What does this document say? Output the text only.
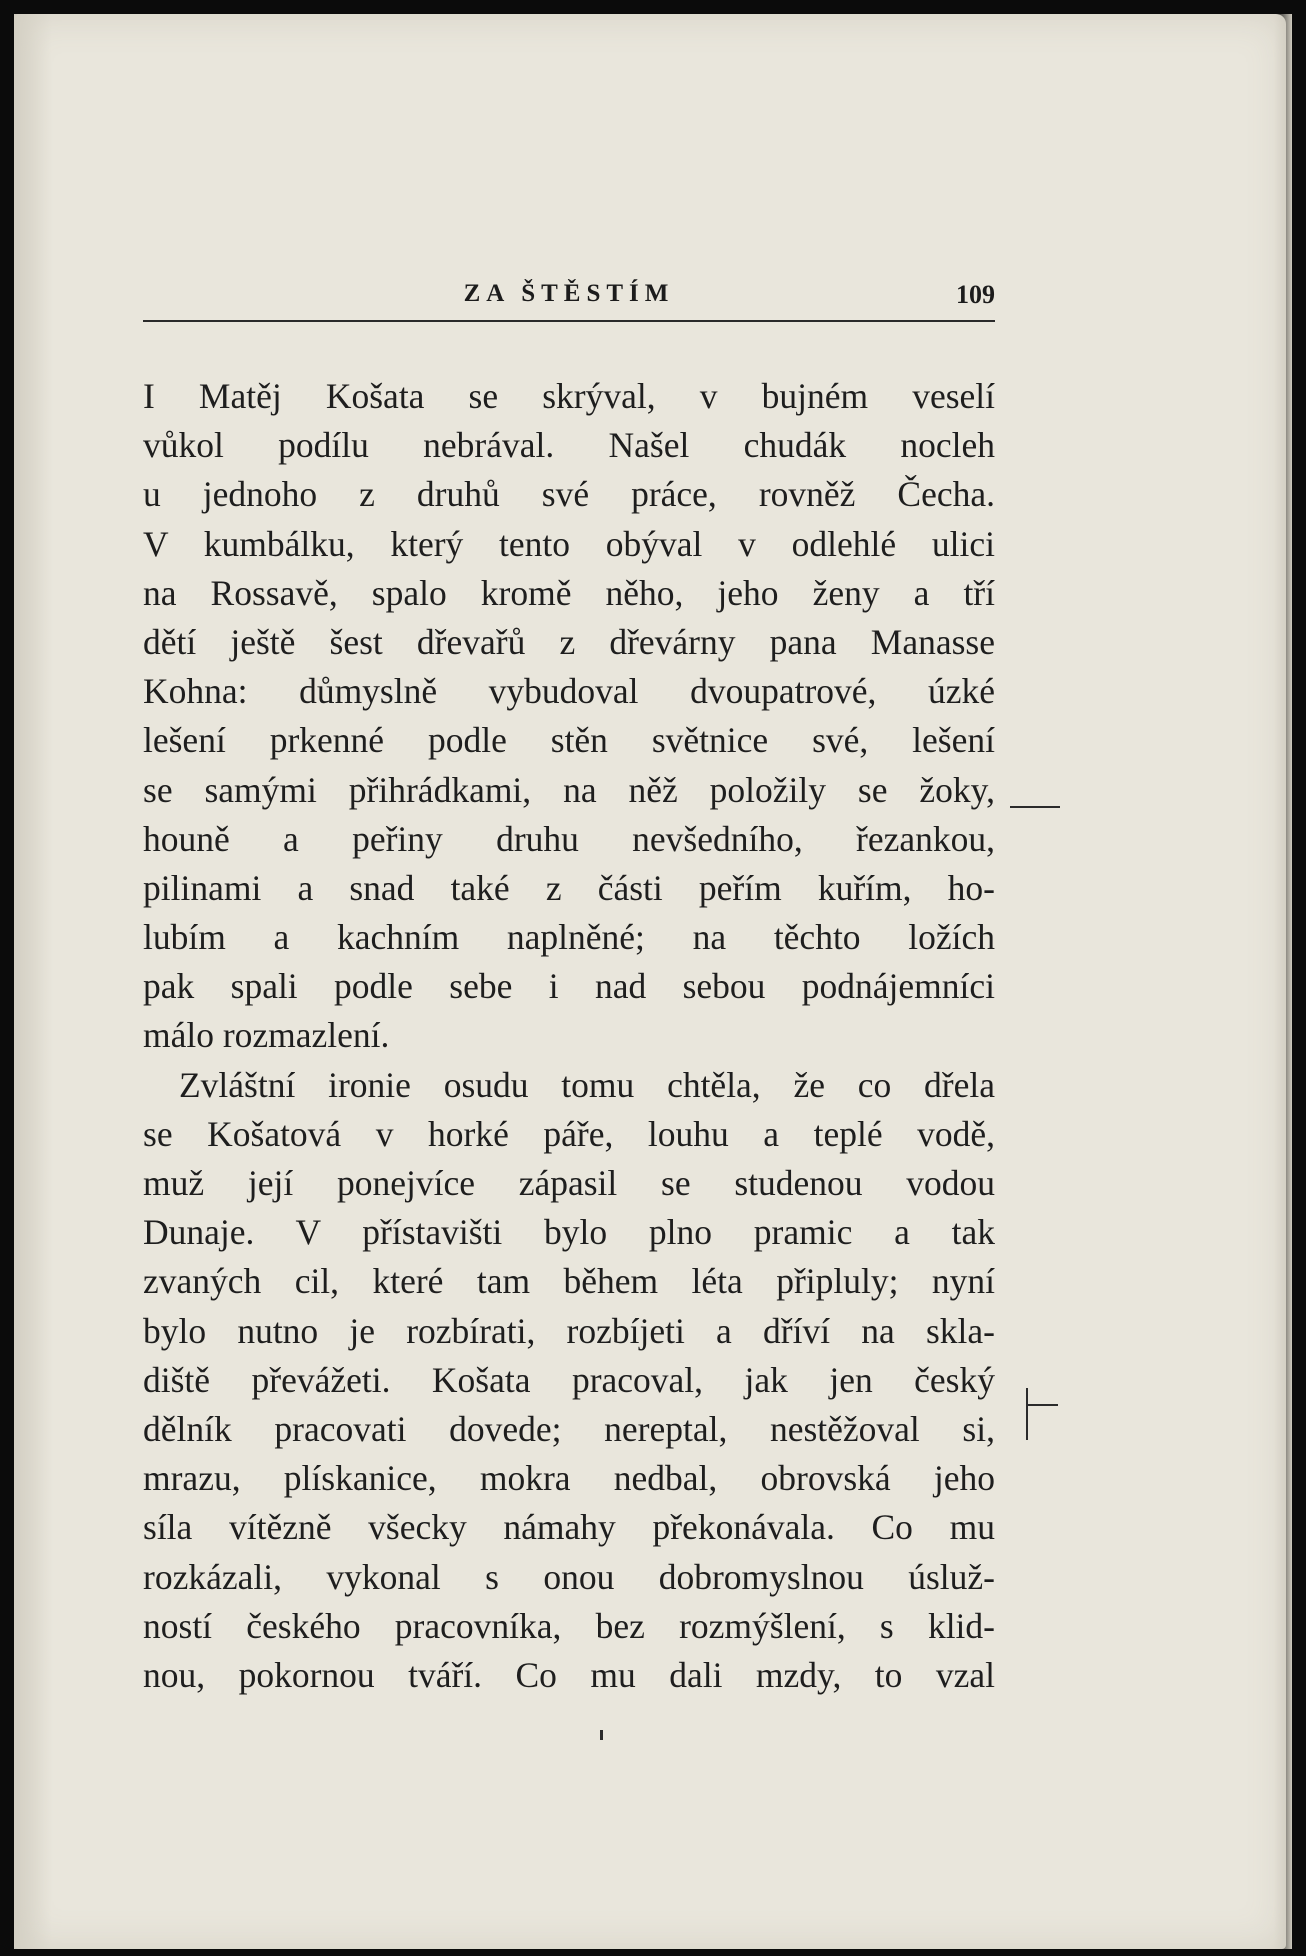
ZA ŠTĚSTÍM	109
I Matěj Košata se skrýval, v bujném veselí
vůkol podílu nebrával. Našel chudák nocleh
u jednoho z druhů své práce, rovněž Čecha.
V kumbálku, který tento obýval v odlehlé ulici
na Rossavě, spalo kromě něho, jeho ženy a tří
dětí ještě šest dřevařů z dřevárny pana Manasse
Kohna: důmyslně vybudoval dvoupatrové, úzké
lešení prkenné podle stěn světnice své, lešení
se samými přihrádkami, na něž položily se žoky,
houně a peřiny druhu nevšedního, řezankou,
pilinami a snad také z části peřím kuřím, ho-
lubím a kachním naplněné; na těchto ložích
pak spali podle sebe i nad sebou podnájemníci
málo rozmazlení.
Zvláštní ironie osudu tomu chtěla, že co dřela
se Košatová v horké páře, louhu a teplé vodě,
muž její ponejvíce zápasil se studenou vodou
Dunaje. V přístavišti bylo plno pramic a tak
zvaných cil, které tam během léta připluly; nyní
bylo nutno je rozbírati, rozbíjeti a dříví na skla-
diště převážeti. Košata pracoval, jak jen český
dělník pracovati dovede; nereptal, nestěžoval si,
mrazu, plískanice, mokra nedbal, obrovská jeho
síla vítězně všecky námahy překonávala. Co mu
rozkázali, vykonal s onou dobromyslnou úsluž-
ností českého pracovníka, bez rozmýšlení, s klid-
nou, pokornou tváří. Co mu dali mzdy, to vzal
